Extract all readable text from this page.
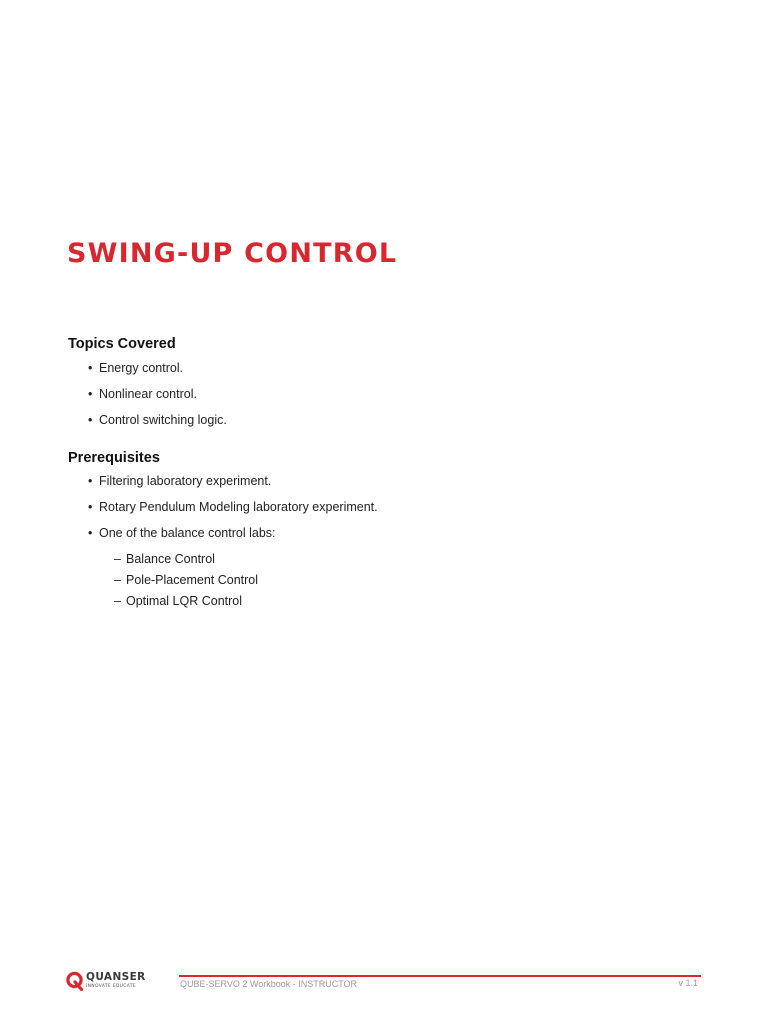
SWING-UP CONTROL
Topics Covered
• Energy control.
• Nonlinear control.
• Control switching logic.
Prerequisites
• Filtering laboratory experiment.
• Rotary Pendulum Modeling laboratory experiment.
• One of the balance control labs:
– Balance Control
– Pole-Placement Control
– Optimal LQR Control
QUANSER
INNOVATE EDUCATE	QUBE-SERVO 2 Workbook - INSTRUCTOR	v 1.1
